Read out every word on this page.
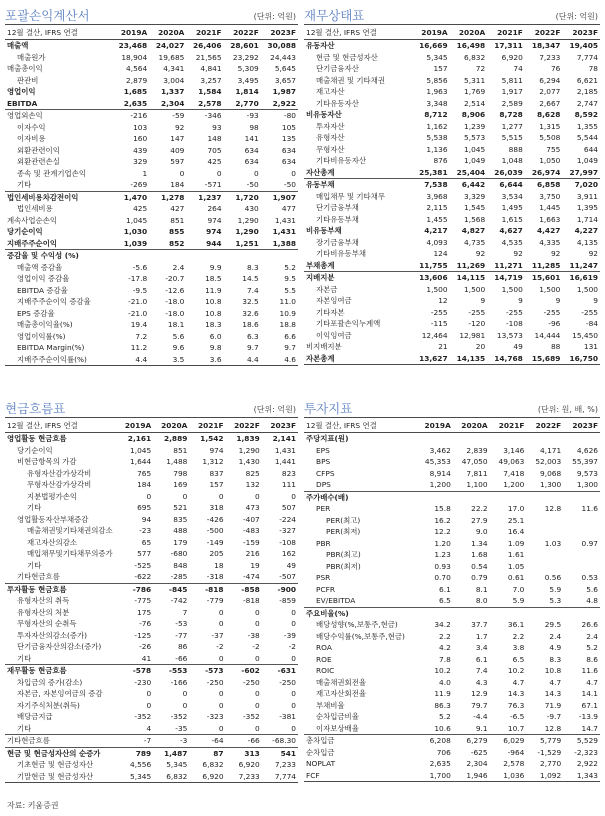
포괄손익계산서	(단위: 억원)
12월 결산, IFRS 연결	2019A	2020A	2021F	2022F	2023F
매출액	23,468	24,027	26,406	28,601	30,088
매출원가	18,904	19,685	21,565	23,292	24,443
매출총이익	4,564	4,341	4,841	5,309	5,645
판관비	2,879	3,004	3,257	3,495	3,657
영업이익	1,685	1,337	1,584	1,814	1,987
EBITDA	2,635	2,304	2,578	2,770	2,922
영업외손익	-216	-59	-346	-93	-80
이자수익	103	92	93	98	105
이자비용	160	147	148	141	135
외환관련이익	439	409	705	634	634
외환관련손실	329	597	425	634	634
종속 및 관계기업손익	1	0	0	0	0
기타	-269	184	-571	-50	-50
법인세비용차감전이익	1,470	1,278	1,237	1,720	1,907
법인세비용	425	427	264	430	477
계속사업순손익	1,045	851	974	1,290	1,431
당기순이익	1,030	855	974	1,290	1,431
지배주주순이익	1,039	852	944	1,251	1,388
증감율 및 수익성 (%)					
매출액 증감율	-5.6	2.4	9.9	8.3	5.2
영업이익 증감율	-17.8	-20.7	18.5	14.5	9.5
EBITDA 증감율	-9.5	-12.6	11.9	7.4	5.5
지배주주순이익 증감율	-21.0	-18.0	10.8	32.5	11.0
EPS 증감율	-21.0	-18.0	10.8	32.6	10.9
매출총이익율(%)	19.4	18.1	18.3	18.6	18.8
영업이익률(%)	7.2	5.6	6.0	6.3	6.6
EBITDA Margin(%)	11.2	9.6	9.8	9.7	9.7
지배주주순이익률(%)	4.4	3.5	3.6	4.4	4.6
재무상태표	(단위: 억원)
12월 결산, IFRS 연결	2019A	2020A	2021F	2022F	2023F
유동자산	16,669	16,498	17,311	18,347	19,405
현금 및 현금성자산	5,345	6,832	6,920	7,233	7,774
단기금융자산	157	72	74	76	78
매출채권 및 기타채권	5,856	5,311	5,811	6,294	6,621
재고자산	1,963	1,769	1,917	2,077	2,185
기타유동자산	3,348	2,514	2,589	2,667	2,747
비유동자산	8,712	8,906	8,728	8,628	8,592
투자자산	1,162	1,239	1,277	1,315	1,355
유형자산	5,538	5,573	5,515	5,508	5,544
무형자산	1,136	1,045	888	755	644
기타비유동자산	876	1,049	1,048	1,050	1,049
자산총계	25,381	25,404	26,039	26,974	27,997
유동부채	7,538	6,442	6,644	6,858	7,020
매입채무 및 기타채무	3,968	3,329	3,534	3,750	3,911
단기금융부채	2,115	1,545	1,495	1,445	1,395
기타유동부채	1,455	1,568	1,615	1,663	1,714
비유동부채	4,217	4,827	4,627	4,427	4,227
장기금융부채	4,093	4,735	4,535	4,335	4,135
기타비유동부채	124	92	92	92	92
부채총계	11,755	11,269	11,271	11,285	11,247
지배지분	13,606	14,115	14,719	15,601	16,619
자본금	1,500	1,500	1,500	1,500	1,500
자본잉여금	12	9	9	9	9
기타자본	-255	-255	-255	-255	-255
기타포괄손익누계액	-115	-120	-108	-96	-84
이익잉여금	12,464	12,981	13,573	14,444	15,450
비지배지분	21	20	49	88	131
자본총계	13,627	14,135	14,768	15,689	16,750
현금흐름표	(단위: 억원)
12월 결산, IFRS 연결	2019A	2020A	2021F	2022F	2023F
영업활동 현금흐름	2,161	2,889	1,542	1,839	2,141
당기순이익	1,045	851	974	1,290	1,431
비현금항목의 가감	1,644	1,488	1,312	1,430	1,441
유형자산감가상각비	765	798	837	825	823
무형자산감가상각비	184	169	157	132	111
지분법평가손익	0	0	0	0	0
기타	695	521	318	473	507
영업활동자산부채증감	94	835	-426	-407	-224
매출채권및기타채권의감소	-23	488	-500	-483	-327
재고자산의감소	65	179	-149	-159	-108
매입채무및기타채무의증가	577	-680	205	216	162
기타	-525	848	18	19	49
기타현금흐름	-622	-285	-318	-474	-507
투자활동 현금흐름	-786	-845	-818	-858	-900
유형자산의 취득	-775	-742	-779	-818	-859
유형자산의 처분	175	7	0	0	0
무형자산의 순취득	-76	-53	0	0	0
투자자산의감소(증가)	-125	-77	-37	-38	-39
단기금융자산의감소(증가)	-26	86	-2	-2	-2
기타	41	-66	0	0	0
재무활동 현금흐름	-578	-553	-573	-602	-631
차입금의 증가(감소)	-230	-166	-250	-250	-250
자본금, 자본잉여금의 증감	0	0	0	0	0
자기주식처분(취득)	0	0	0	0	0
배당금지급	-352	-352	-323	-352	-381
기타	4	-35	0	0	0
기타현금흐름	-7	-3	-64	-66	-68.30
현금 및 현금성자산의 순증가	789	1,487	87	313	541
기초현금 및 현금성자산	4,556	5,345	6,832	6,920	7,233
기말현금 및 현금성자산	5,345	6,832	6,920	7,233	7,774
투자지표	(단위: 원, 배, %)
12월 결산, IFRS 연결	2019A	2020A	2021F	2022F	2023F
주당지표(원)					
EPS	3,462	2,839	3,146	4,171	4,626
BPS	45,353	47,050	49,063	52,003	55,397
CFPS	8,914	7,811	7,418	9,068	9,573
DPS	1,200	1,100	1,200	1,300	1,300
주가배수(배)					
PER	15.8	22.2	17.0	12.8	11.6
PER(최고)	16.2	27.9	25.1		
PER(최저)	12.2	9.0	16.4		
PBR	1.20	1.34	1.09	1.03	0.97
PBR(최고)	1.23	1.68	1.61		
PBR(최저)	0.93	0.54	1.05		
PSR	0.70	0.79	0.61	0.56	0.53
PCFR	6.1	8.1	7.0	5.9	5.6
EV/EBITDA	6.5	8.0	5.9	5.3	4.8
주요비율(%)					
배당성향(%,보통주,현금)	34.2	37.7	36.1	29.5	26.6
배당수익률(%,보통주,현금)	2.2	1.7	2.2	2.4	2.4
ROA	4.2	3.4	3.8	4.9	5.2
ROE	7.8	6.1	6.5	8.3	8.6
ROIC	10.2	7.4	10.2	10.8	11.6
매출채권회전율	4.0	4.3	4.7	4.7	4.7
재고자산회전율	11.9	12.9	14.3	14.3	14.1
부채비율	86.3	79.7	76.3	71.9	67.1
순차입금비율	5.2	-4.4	-6.5	-9.7	-13.9
이자보상배율	10.6	9.1	10.7	12.8	14.7
총차입금	6,208	6,279	6,029	5,779	5,529
순차입금	706	-625	-964	-1,529	-2,323
NOPLAT	2,635	2,304	2,578	2,770	2,922
FCF	1,700	1,946	1,036	1,092	1,343
자료: 키움증권
